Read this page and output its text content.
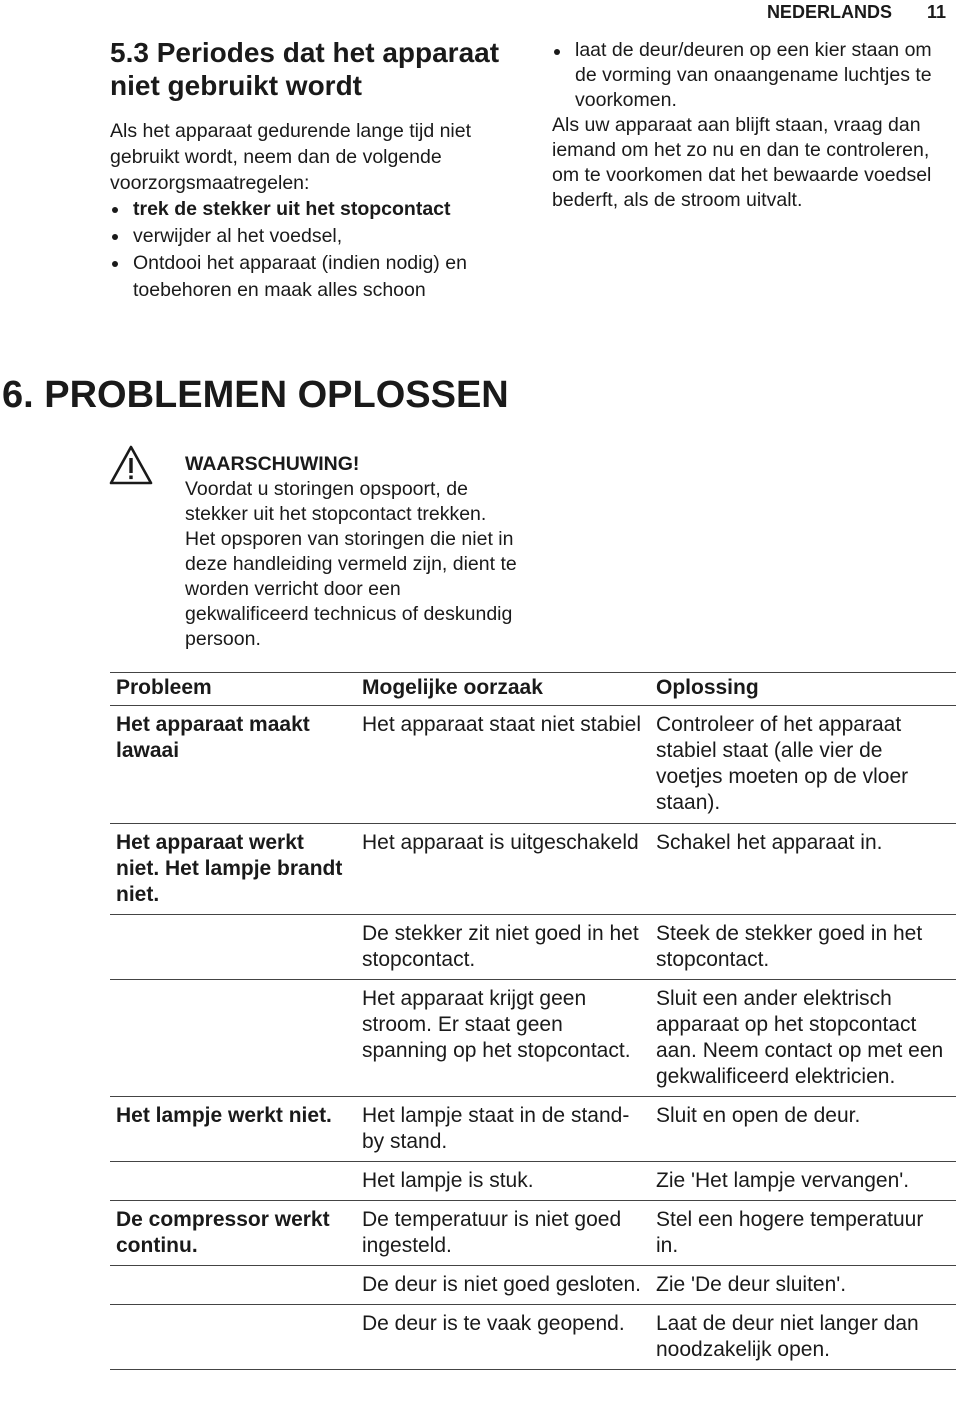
NEDERLANDS 11
5.3 Periodes dat het apparaat niet gebruikt wordt

Als het apparaat gedurende lange tijd niet gebruikt wordt, neem dan de volgende voorzorgsmaatregelen:

trek de stekker uit het stopcontact
verwijder al het voedsel,
Ontdooi het apparaat (indien nodig) en toebehoren en maak alles schoon
laat de deur/deuren op een kier staan om de vorming van onaangename luchtjes te voorkomen.

Als uw apparaat aan blijft staan, vraag dan iemand om het zo nu en dan te controleren, om te voorkomen dat het bewaarde voedsel bederft, als de stroom uitvalt.

6. PROBLEMEN OPLOSSEN
WAARSCHUWING!
Voordat u storingen opspoort, de stekker uit het stopcontact trekken.
Het opsporen van storingen die niet in deze handleiding vermeld zijn, dient te worden verricht door een gekwalificeerd technicus of deskundig persoon.
Probleem	Mogelijke oorzaak	Oplossing
Het apparaat maakt lawaai	Het apparaat staat niet stabiel	Controleer of het apparaat stabiel staat (alle vier de voetjes moeten op de vloer staan).
Het apparaat werkt niet. Het lampje brandt niet.	Het apparaat is uitgeschakeld	Schakel het apparaat in.
	De stekker zit niet goed in het stopcontact.	Steek de stekker goed in het stopcontact.
	Het apparaat krijgt geen stroom. Er staat geen spanning op het stopcontact.	Sluit een ander elektrisch apparaat op het stopcontact aan. Neem contact op met een gekwalificeerd elektricien.
Het lampje werkt niet.	Het lampje staat in de stand-by stand.	Sluit en open de deur.
	Het lampje is stuk.	Zie 'Het lampje vervangen'.
De compressor werkt continu.	De temperatuur is niet goed ingesteld.	Stel een hogere temperatuur in.
	De deur is niet goed gesloten.	Zie 'De deur sluiten'.
	De deur is te vaak geopend.	Laat de deur niet langer dan noodzakelijk open.
